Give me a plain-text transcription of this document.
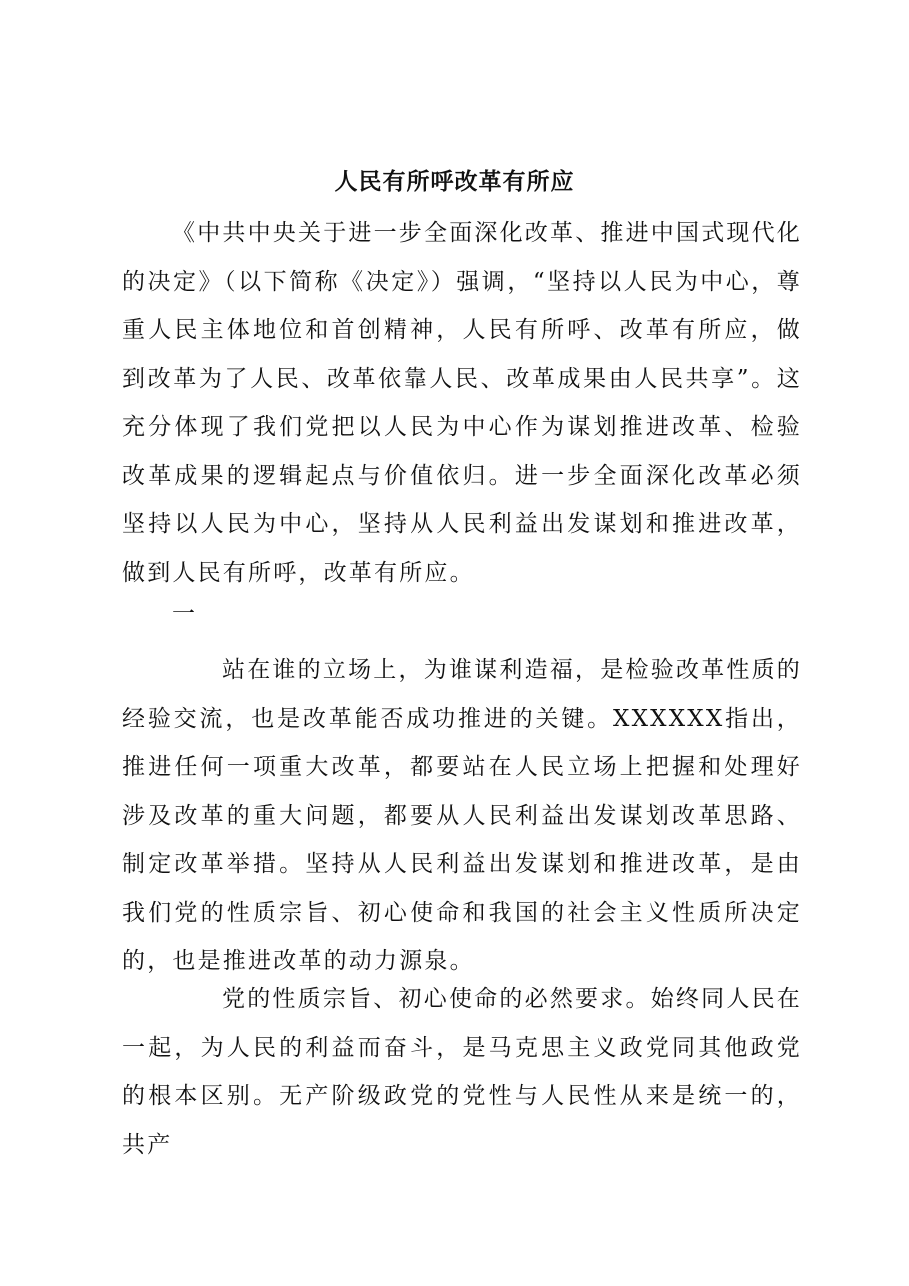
人民有所呼改革有所应

《中共中央关于进一步全面深化改革、推进中国式现代化的决定》（以下简称《决定》）强调，“坚持以人民为中心，尊重人民主体地位和首创精神，人民有所呼、改革有所应，做到改革为了人民、改革依靠人民、改革成果由人民共享”。这充分体现了我们党把以人民为中心作为谋划推进改革、检验改革成果的逻辑起点与价值依归。进一步全面深化改革必须坚持以人民为中心，坚持从人民利益出发谋划和推进改革，做到人民有所呼，改革有所应。

一

站在谁的立场上，为谁谋利造福，是检验改革性质的经验交流，也是改革能否成功推进的关键。XXXXXX指出，推进任何一项重大改革，都要站在人民立场上把握和处理好涉及改革的重大问题，都要从人民利益出发谋划改革思路、制定改革举措。坚持从人民利益出发谋划和推进改革，是由我们党的性质宗旨、初心使命和我国的社会主义性质所决定的，也是推进改革的动力源泉。

党的性质宗旨、初心使命的必然要求。始终同人民在一起，为人民的利益而奋斗，是马克思主义政党同其他政党的根本区别。无产阶级政党的党性与人民性从来是统一的，共产
